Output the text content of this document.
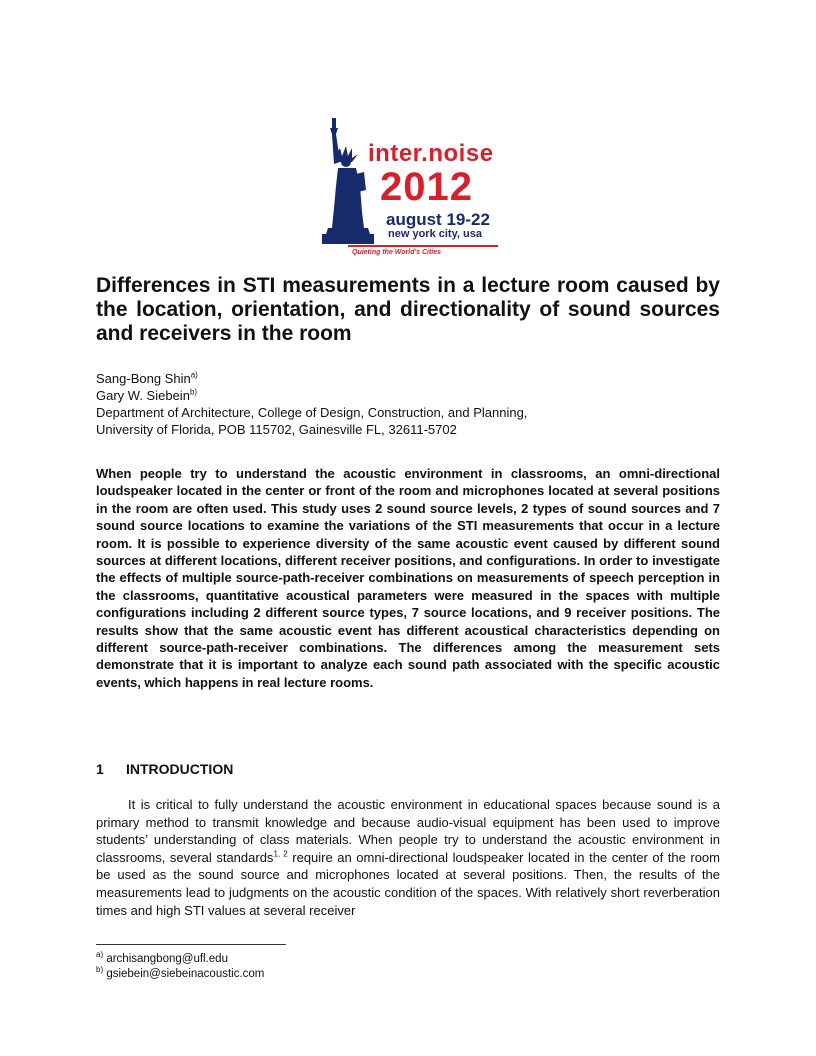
inter.noise
2012
august 19-22
new york city, usa
Quieting the World's Cities
Differences in STI measurements in a lecture room caused by the location, orientation, and directionality of sound sources and receivers in the room
Sang-Bong Shin$^{a)}$
Gary W. Siebein$^{b)}$
Department of Architecture, College of Design, Construction, and Planning,
University of Florida, POB 115702, Gainesville FL, 32611-5702

When people try to understand the acoustic environment in classrooms, an omni-directional loudspeaker located in the center or front of the room and microphones located at several positions in the room are often used. This study uses 2 sound source levels, 2 types of sound sources and 7 sound source locations to examine the variations of the STI measurements that occur in a lecture room. It is possible to experience diversity of the same acoustic event caused by different sound sources at different locations, different receiver positions, and configurations. In order to investigate the effects of multiple source-path-receiver combinations on measurements of speech perception in the classrooms, quantitative acoustical parameters were measured in the spaces with multiple configurations including 2 different source types, 7 source locations, and 9 receiver positions. The results show that the same acoustic event has different acoustical characteristics depending on different source-path-receiver combinations. The differences among the measurement sets demonstrate that it is important to analyze each sound path associated with the specific acoustic events, which happens in real lecture rooms.

1 INTRODUCTION

It is critical to fully understand the acoustic environment in educational spaces because sound is a primary method to transmit knowledge and because audio-visual equipment has been used to improve students’ understanding of class materials. When people try to understand the acoustic environment in classrooms, several standards$^{1, 2}$ require an omni-directional loudspeaker located in the center of the room be used as the sound source and microphones located at several positions. Then, the results of the measurements lead to judgments on the acoustic condition of the spaces. With relatively short reverberation times and high STI values at several receiver

$^{a)}$ archisangbong@ufl.edu
$^{b)}$ gsiebein@siebeinacoustic.com
